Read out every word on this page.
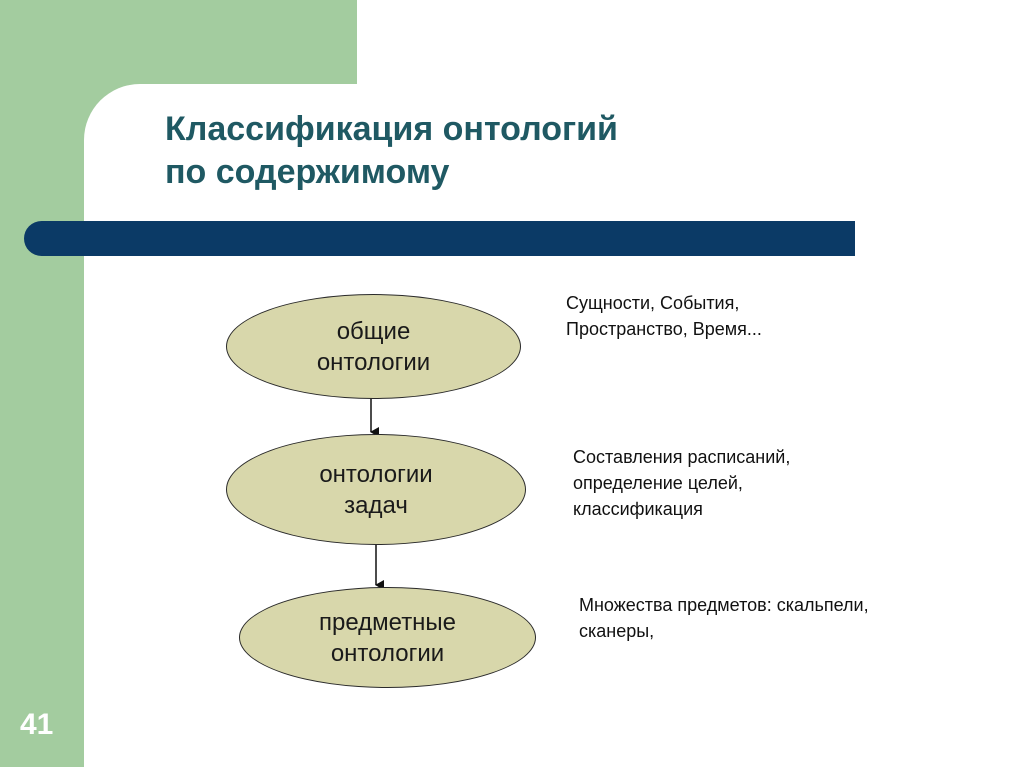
Классификация онтологий
по содержимому
общие
онтологии
онтологии
задач
предметные
онтологии
Сущности, События,
Пространство, Время...
Составления расписаний,
определение целей,
классификация
Множества предметов: скальпели,
сканеры,
41
